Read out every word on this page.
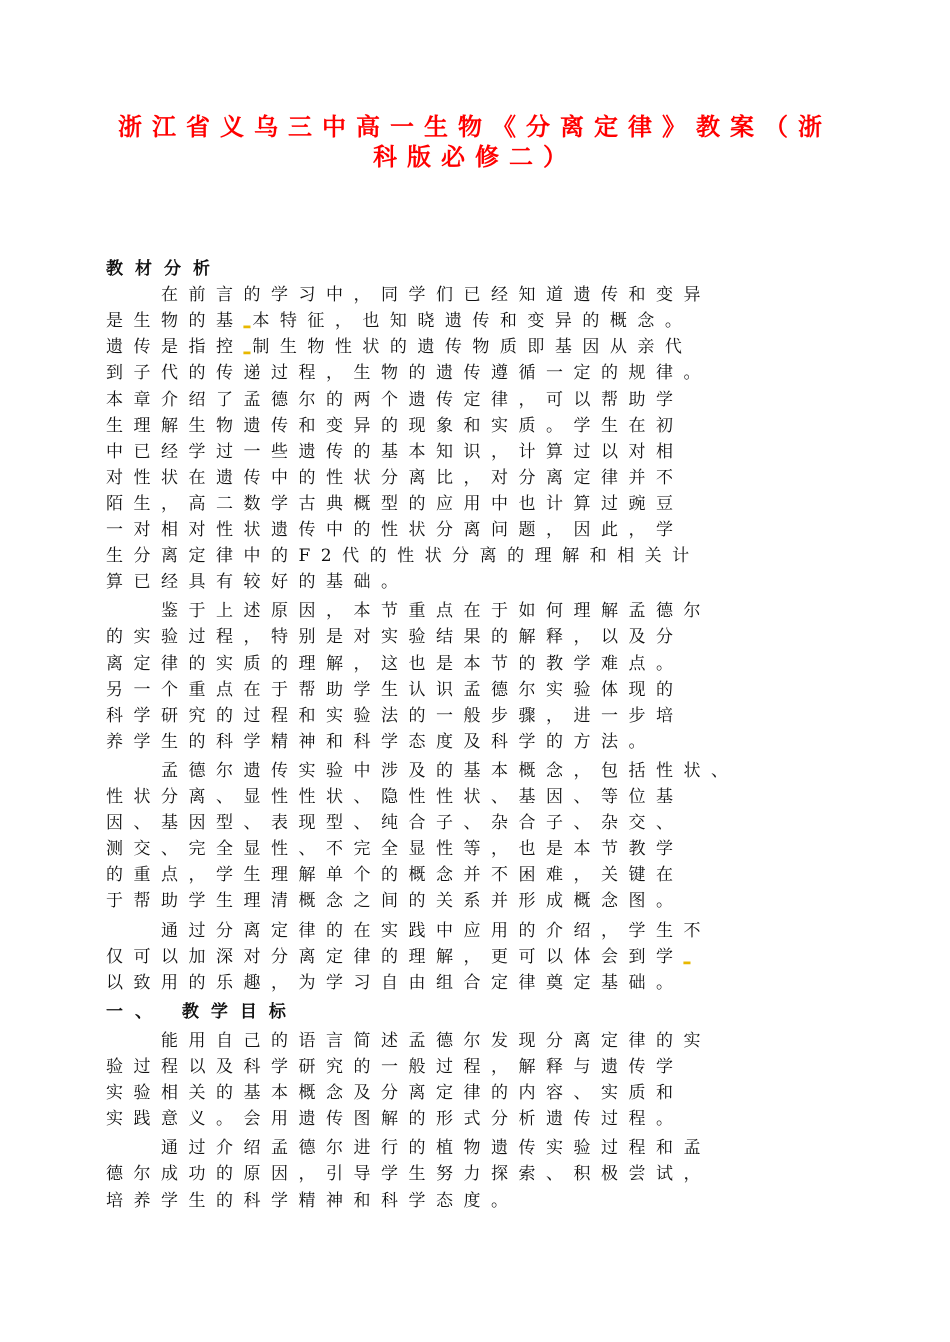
浙江省义乌三中高一生物《分离定律》教案（浙
科版必修二）
教材分析
　　在前言的学习中，同学们已经知道遗传和变异
是生物的基▂本特征，也知晓遗传和变异的概念。
遗传是指控▂制生物性状的遗传物质即基因从亲代
到子代的传递过程，生物的遗传遵循一定的规律。
本章介绍了孟德尔的两个遗传定律，可以帮助学
生理解生物遗传和变异的现象和实质。学生在初
中已经学过一些遗传的基本知识，计算过以对相
对性状在遗传中的性状分离比，对分离定律并不
陌生，高二数学古典概型的应用中也计算过豌豆
一对相对性状遗传中的性状分离问题，因此，学
生分离定律中的F2代的性状分离的理解和相关计
算已经具有较好的基础。
　　鉴于上述原因，本节重点在于如何理解孟德尔
的实验过程，特别是对实验结果的解释，以及分
离定律的实质的理解，这也是本节的教学难点。
另一个重点在于帮助学生认识孟德尔实验体现的
科学研究的过程和实验法的一般步骤，进一步培
养学生的科学精神和科学态度及科学的方法。
　　孟德尔遗传实验中涉及的基本概念，包括性状、
性状分离、显性性状、隐性性状、基因、等位基
因、基因型、表现型、纯合子、杂合子、杂交、
测交、完全显性、不完全显性等，也是本节教学
的重点，学生理解单个的概念并不困难，关键在
于帮助学生理清概念之间的关系并形成概念图。
　　通过分离定律的在实践中应用的介绍，学生不
仅可以加深对分离定律的理解，更可以体会到学▂
以致用的乐趣，为学习自由组合定律奠定基础。
一、 教学目标
　　能用自己的语言简述孟德尔发现分离定律的实
验过程以及科学研究的一般过程，解释与遗传学
实验相关的基本概念及分离定律的内容、实质和
实践意义。会用遗传图解的形式分析遗传过程。
　　通过介绍孟德尔进行的植物遗传实验过程和孟
德尔成功的原因，引导学生努力探索、积极尝试，
培养学生的科学精神和科学态度。
